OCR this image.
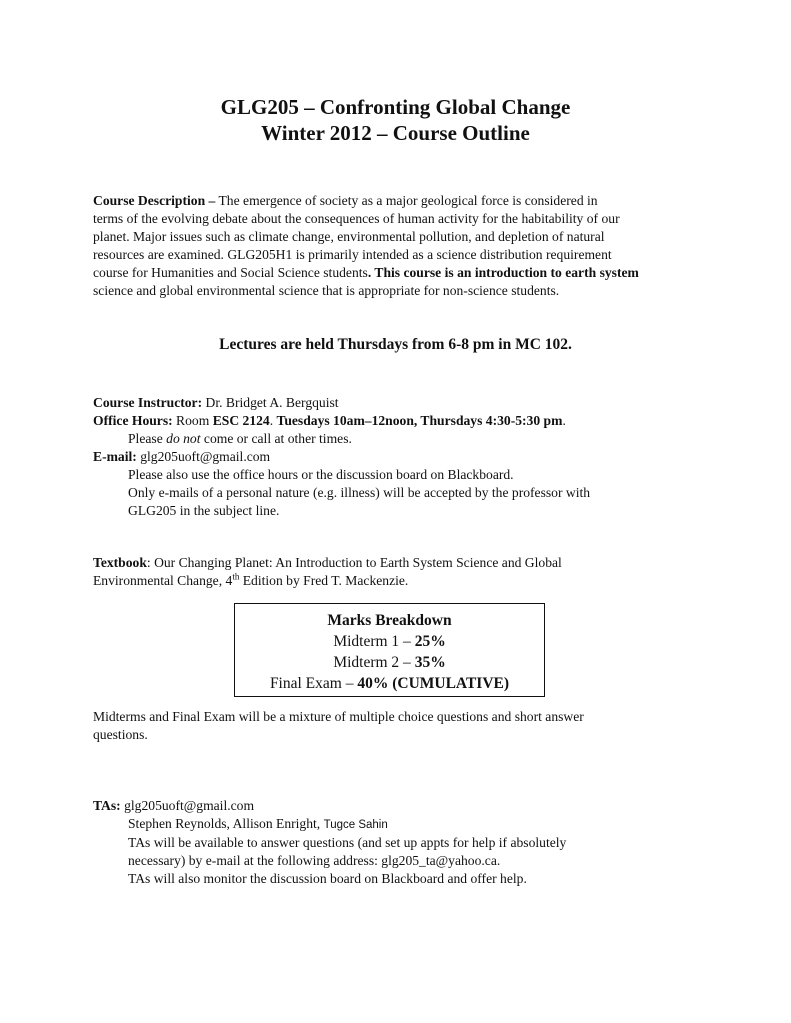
GLG205 – Confronting Global Change
Winter 2012 – Course Outline
Course Description – The emergence of society as a major geological force is considered in
terms of the evolving debate about the consequences of human activity for the habitability of our
planet. Major issues such as climate change, environmental pollution, and depletion of natural
resources are examined. GLG205H1 is primarily intended as a science distribution requirement
course for Humanities and Social Science students. This course is an introduction to earth system
science and global environmental science that is appropriate for non-science students.
Lectures are held Thursdays from 6-8 pm in MC 102.
Course Instructor: Dr. Bridget A. Bergquist
Office Hours: Room ESC 2124. Tuesdays 10am–12noon, Thursdays 4:30-5:30 pm.
Please do not come or call at other times.
E-mail: glg205uoft@gmail.com
Please also use the office hours or the discussion board on Blackboard.
Only e-mails of a personal nature (e.g. illness) will be accepted by the professor with
GLG205 in the subject line.
Textbook: Our Changing Planet: An Introduction to Earth System Science and Global
Environmental Change, 4th Edition by Fred T. Mackenzie.
Marks Breakdown
Midterm 1 – 25%
Midterm 2 – 35%
Final Exam – 40% (CUMULATIVE)
Midterms and Final Exam will be a mixture of multiple choice questions and short answer
questions.
TAs: glg205uoft@gmail.com
Stephen Reynolds, Allison Enright, Tugce Sahin
TAs will be available to answer questions (and set up appts for help if absolutely
necessary) by e-mail at the following address: glg205_ta@yahoo.ca.
TAs will also monitor the discussion board on Blackboard and offer help.
